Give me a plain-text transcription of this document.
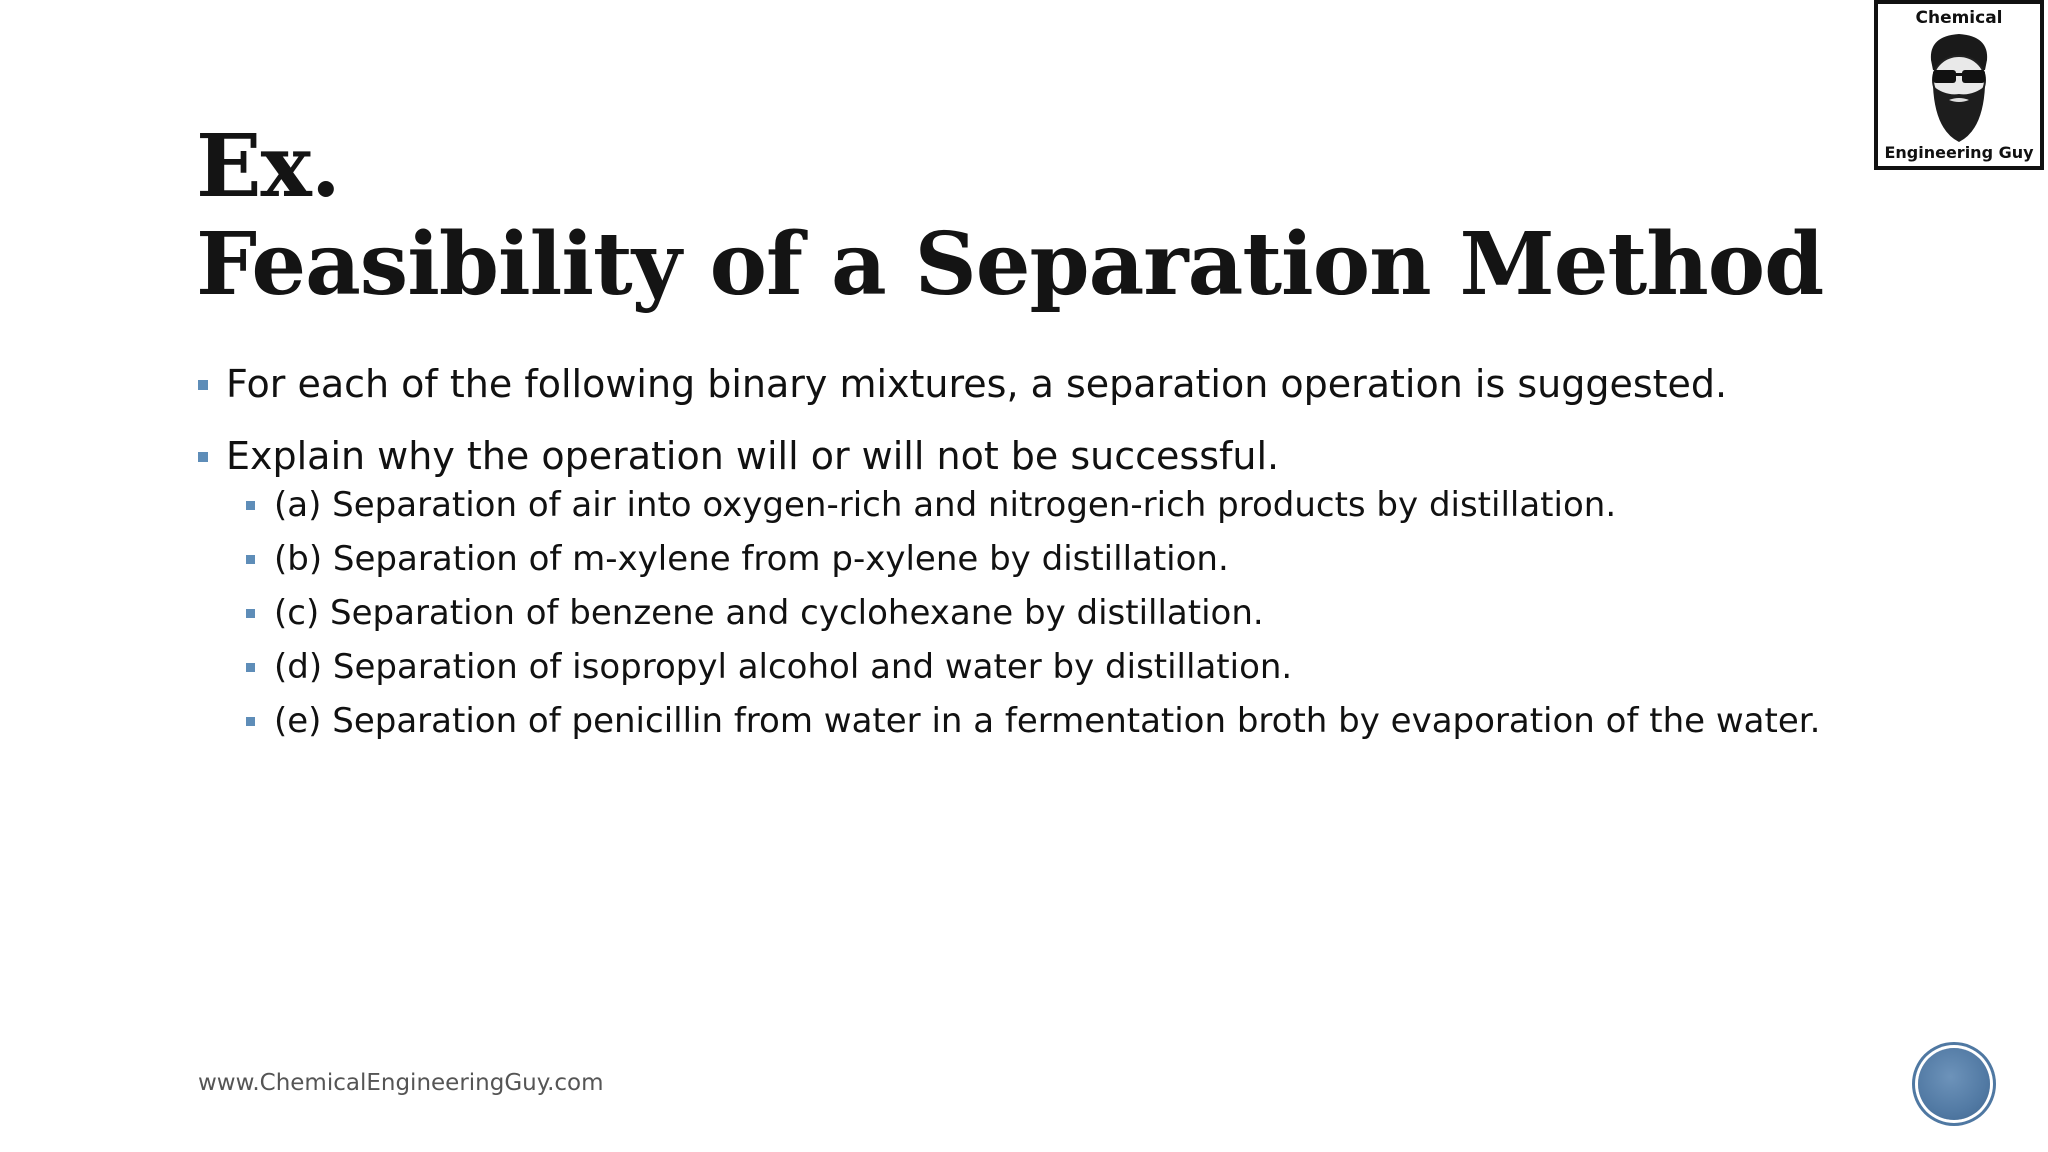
Chemical
Engineering Guy
Ex.
Feasibility of a Separation Method
For each of the following binary mixtures, a separation operation is suggested.
Explain why the operation will or will not be successful.
(a) Separation of air into oxygen-rich and nitrogen-rich products by distillation.
(b) Separation of m-xylene from p-xylene by distillation.
(c) Separation of benzene and cyclohexane by distillation.
(d) Separation of isopropyl alcohol and water by distillation.
(e) Separation of penicillin from water in a fermentation broth by evaporation of the water.
www.ChemicalEngineeringGuy.com
